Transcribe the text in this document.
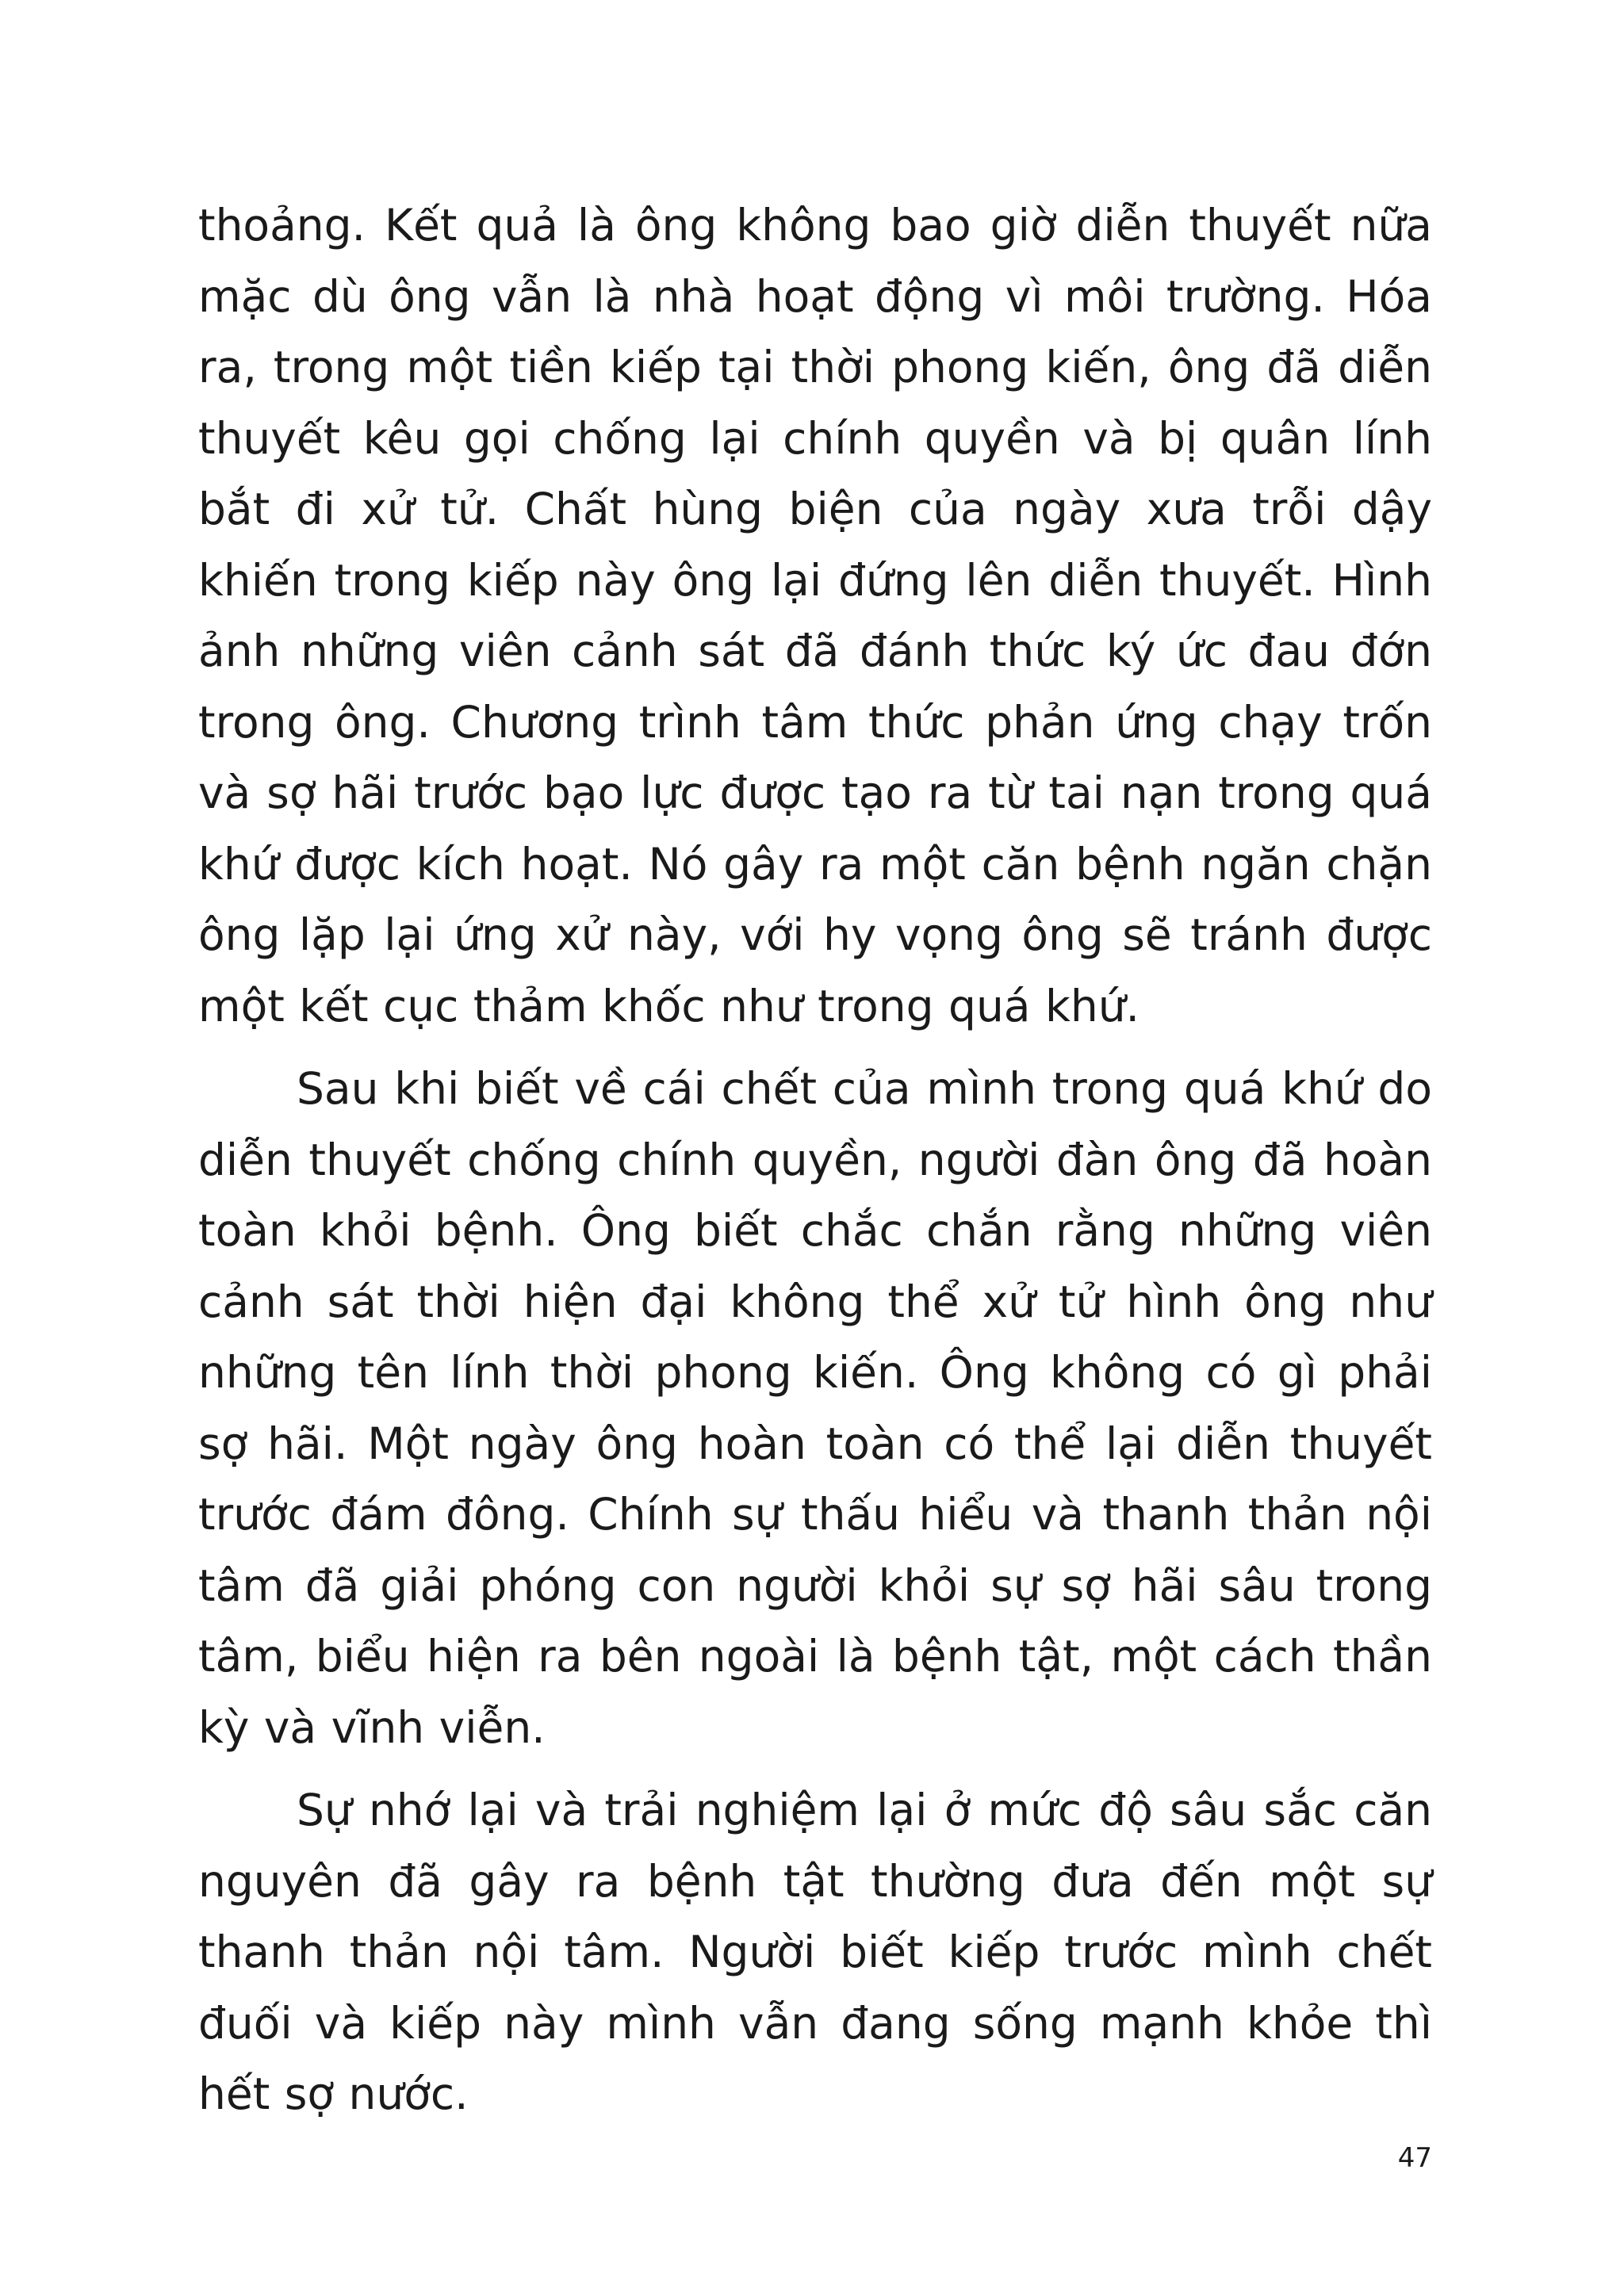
thoảng. Kết quả là ông không bao giờ diễn thuyết nữa mặc dù ông vẫn là nhà hoạt động vì môi trường. Hóa ra, trong một tiền kiếp tại thời phong kiến, ông đã diễn thuyết kêu gọi chống lại chính quyền và bị quân lính bắt đi xử tử. Chất hùng biện của ngày xưa trỗi dậy khiến trong kiếp này ông lại đứng lên diễn thuyết. Hình ảnh những viên cảnh sát đã đánh thức ký ức đau đớn trong ông. Chương trình tâm thức phản ứng chạy trốn và sợ hãi trước bạo lực được tạo ra từ tai nạn trong quá khứ được kích hoạt. Nó gây ra một căn bệnh ngăn chặn ông lặp lại ứng xử này, với hy vọng ông sẽ tránh được một kết cục thảm khốc như trong quá khứ.

Sau khi biết về cái chết của mình trong quá khứ do diễn thuyết chống chính quyền, người đàn ông đã hoàn toàn khỏi bệnh. Ông biết chắc chắn rằng những viên cảnh sát thời hiện đại không thể xử tử hình ông như những tên lính thời phong kiến. Ông không có gì phải sợ hãi. Một ngày ông hoàn toàn có thể lại diễn thuyết trước đám đông. Chính sự thấu hiểu và thanh thản nội tâm đã giải phóng con người khỏi sự sợ hãi sâu trong tâm, biểu hiện ra bên ngoài là bệnh tật, một cách thần kỳ và vĩnh viễn.

Sự nhớ lại và trải nghiệm lại ở mức độ sâu sắc căn nguyên đã gây ra bệnh tật thường đưa đến một sự thanh thản nội tâm. Người biết kiếp trước mình chết đuối và kiếp này mình vẫn đang sống mạnh khỏe thì hết sợ nước.

47
